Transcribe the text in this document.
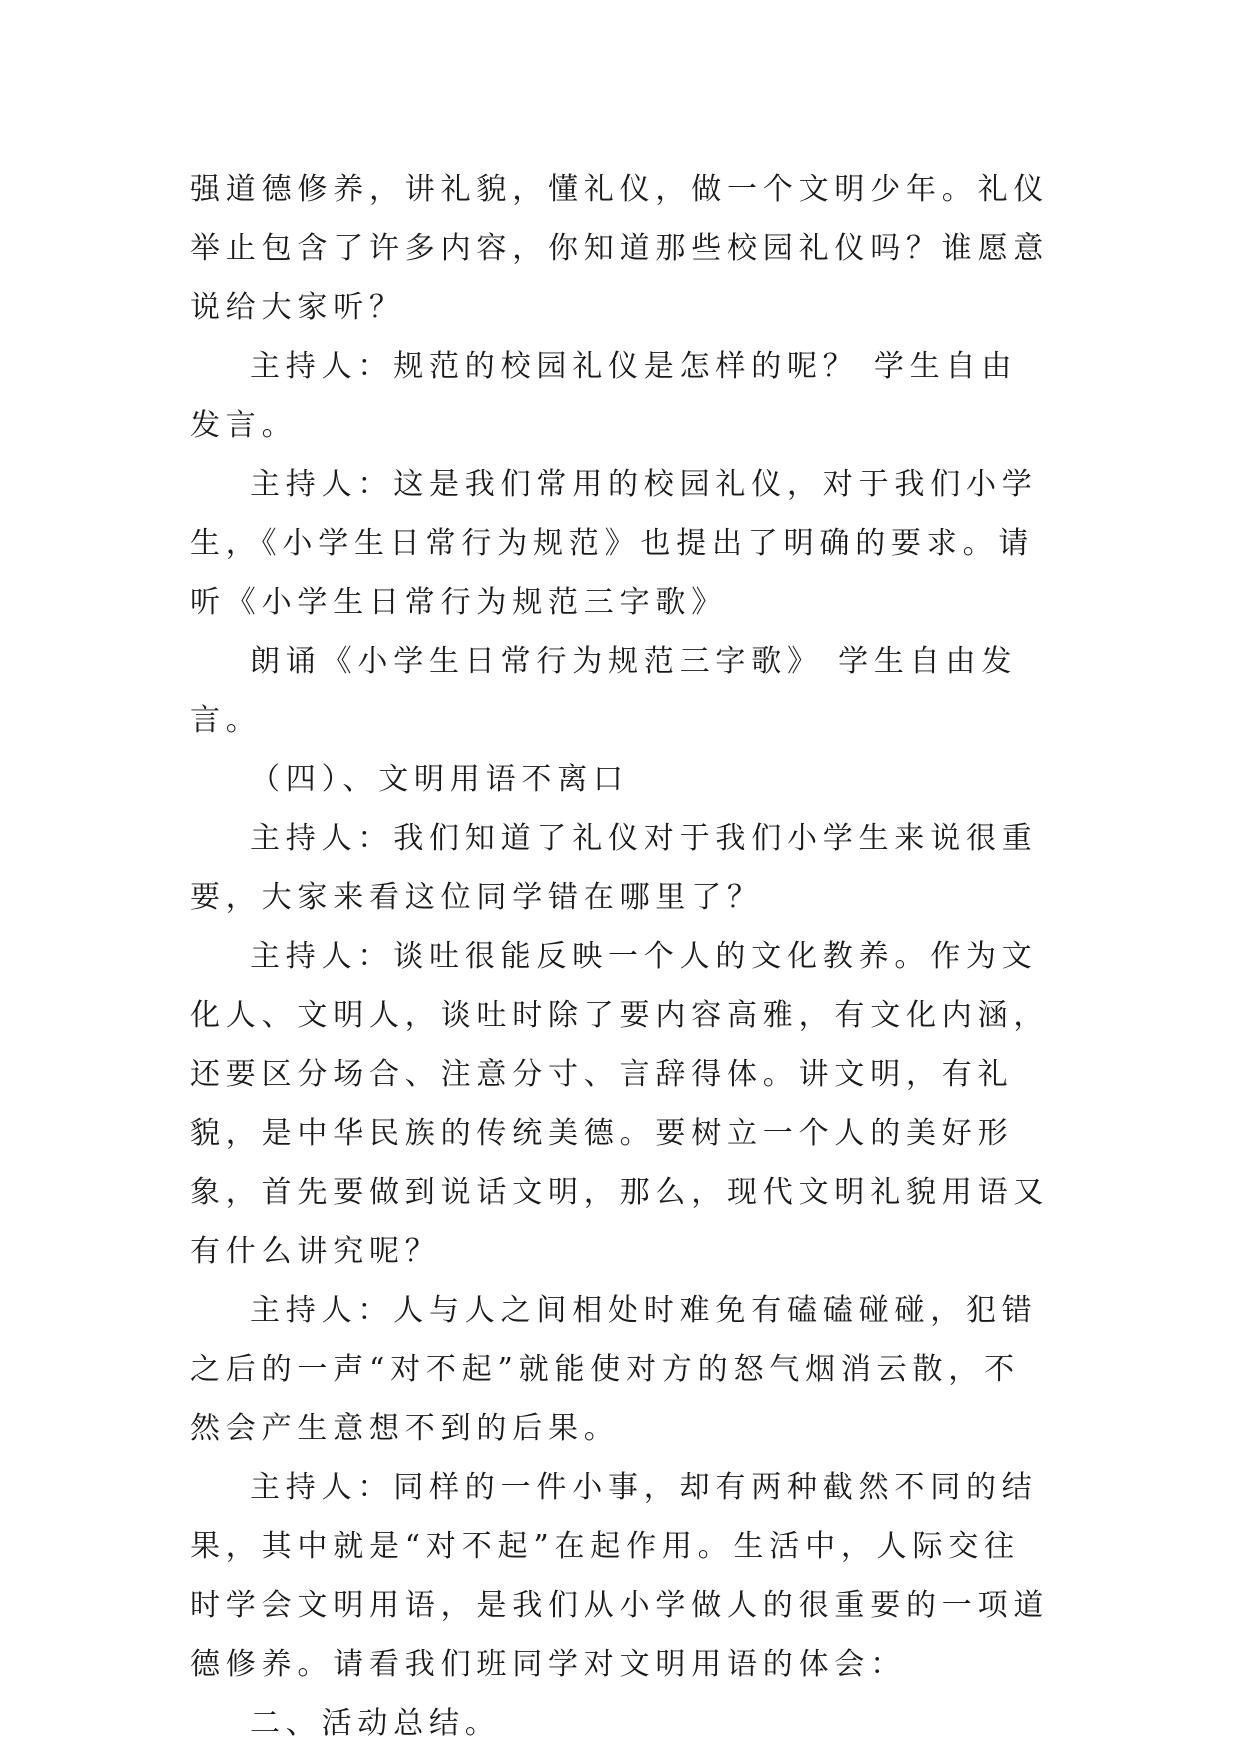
强道德修养，讲礼貌，懂礼仪，做一个文明少年。礼仪举止包含了许多内容，你知道那些校园礼仪吗？谁愿意说给大家听？

主持人：规范的校园礼仪是怎样的呢？ 学生自由发言。

主持人：这是我们常用的校园礼仪，对于我们小学生，《小学生日常行为规范》也提出了明确的要求。请听《小学生日常行为规范三字歌》

朗诵《小学生日常行为规范三字歌》 学生自由发言。

（四）、文明用语不离口

主持人：我们知道了礼仪对于我们小学生来说很重要，大家来看这位同学错在哪里了？

主持人：谈吐很能反映一个人的文化教养。作为文化人、文明人，谈吐时除了要内容高雅，有文化内涵，还要区分场合、注意分寸、言辞得体。讲文明，有礼貌，是中华民族的传统美德。要树立一个人的美好形象，首先要做到说话文明，那么，现代文明礼貌用语又有什么讲究呢？

主持人：人与人之间相处时难免有磕磕碰碰，犯错之后的一声“对不起”就能使对方的怒气烟消云散，不然会产生意想不到的后果。

主持人：同样的一件小事，却有两种截然不同的结果，其中就是“对不起”在起作用。生活中，人际交往时学会文明用语，是我们从小学做人的很重要的一项道德修养。请看我们班同学对文明用语的体会：

二、活动总结。
